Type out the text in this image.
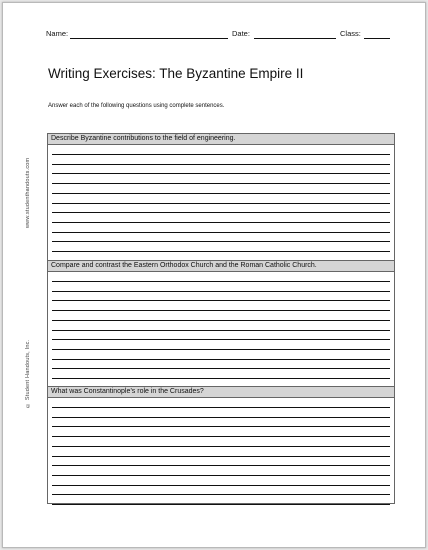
Name:	Date:	Class:
Writing Exercises: The Byzantine Empire II
Answer each of the following questions using complete sentences.
www.studenthandouts.com
© Student Handouts, Inc.
Describe Byzantine contributions to the field of engineering.
Compare and contrast the Eastern Orthodox Church and the Roman Catholic Church.
What was Constantinople’s role in the Crusades?
